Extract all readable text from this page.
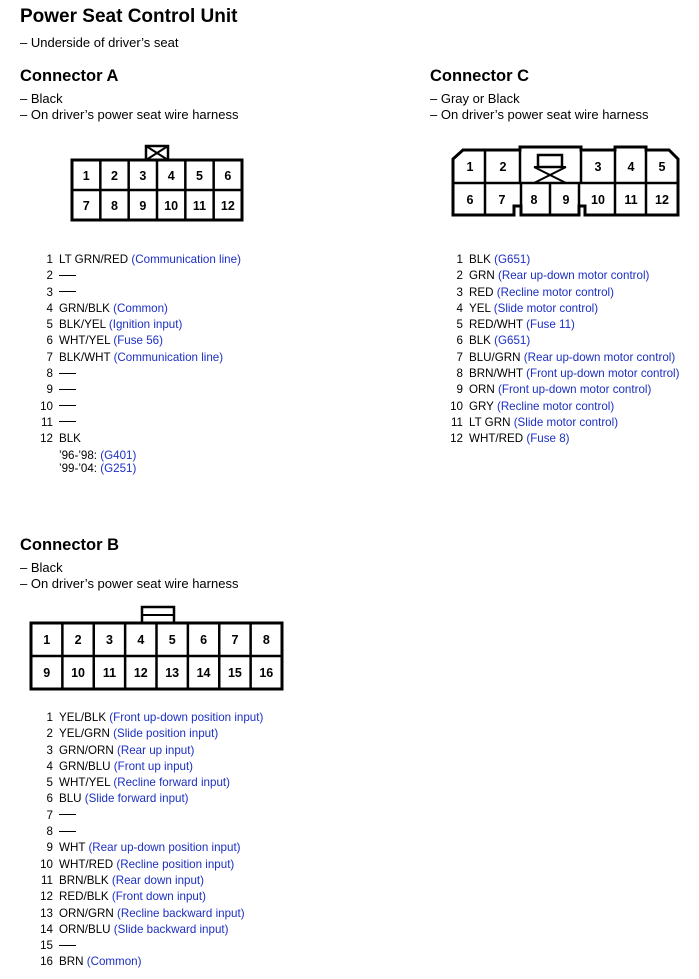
Power Seat Control Unit
– Underside of driver’s seat
Connector A
– Black
– On driver’s power seat wire harness
1 2 3 4 5 6
7 8 9 10 11 12
1 LT GRN/RED (Communication line)
2
3
4 GRN/BLK (Common)
5 BLK/YEL (Ignition input)
6 WHT/YEL (Fuse 56)
7 BLK/WHT (Communication line)
8
9
10
11
12 BLK
’96-’98: (G401)
’99-’04: (G251)
Connector C
– Gray or Black
– On driver’s power seat wire harness
1 2	3 4 5
6 7 8 9 10 11 12
1 BLK (G651)
2 GRN (Rear up-down motor control)
3 RED (Recline motor control)
4 YEL (Slide motor control)
5 RED/WHT (Fuse 11)
6 BLK (G651)
7 BLU/GRN (Rear up-down motor control)
8 BRN/WHT (Front up-down motor control)
9 ORN (Front up-down motor control)
10 GRY (Recline motor control)
11 LT GRN (Slide motor control)
12 WHT/RED (Fuse 8)
Connector B
– Black
– On driver’s power seat wire harness
1 2 3 4 5 6 7 8
9 10 11 12 13 14 15 16
1 YEL/BLK (Front up-down position input)
2 YEL/GRN (Slide position input)
3 GRN/ORN (Rear up input)
4 GRN/BLU (Front up input)
5 WHT/YEL (Recline forward input)
6 BLU (Slide forward input)
7
8
9 WHT (Rear up-down position input)
10 WHT/RED (Recline position input)
11 BRN/BLK (Rear down input)
12 RED/BLK (Front down input)
13 ORN/GRN (Recline backward input)
14 ORN/BLU (Slide backward input)
15
16 BRN (Common)
